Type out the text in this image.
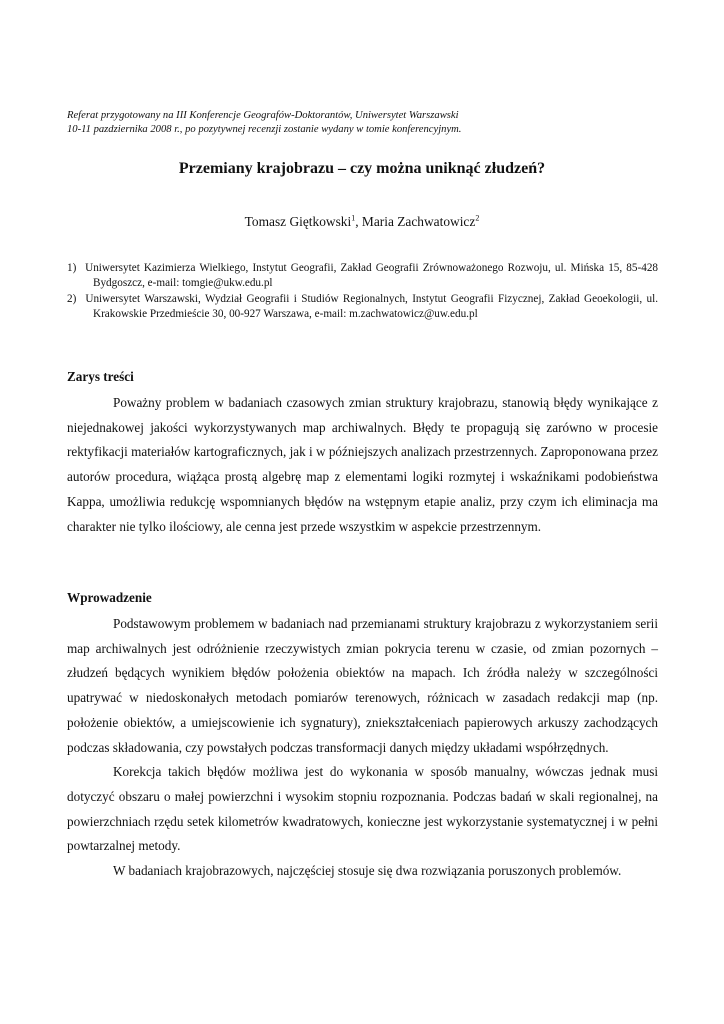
Referat przygotowany na III Konferencje Geografów-Doktorantów, Uniwersytet Warszawski
10-11 pazdziernika 2008 r., po pozytywnej recenzji zostanie wydany w tomie konferencyjnym.
Przemiany krajobrazu – czy można uniknąć złudzeń?
Tomasz Giętkowski$^1$, Maria Zachwatowicz$^2$

1) Uniwersytet Kazimierza Wielkiego, Instytut Geografii, Zakład Geografii Zrównoważonego Rozwoju, ul. Mińska 15, 85-428 Bydgoszcz, e-mail: tomgie@ukw.edu.pl

2) Uniwersytet Warszawski, Wydział Geografii i Studiów Regionalnych, Instytut Geografii Fizycznej, Zakład Geoekologii, ul. Krakowskie Przedmieście 30, 00-927 Warszawa, e-mail: m.zachwatowicz@uw.edu.pl

Zarys treści

Poważny problem w badaniach czasowych zmian struktury krajobrazu, stanowią błędy wynikające z niejednakowej jakości wykorzystywanych map archiwalnych. Błędy te propagują się zarówno w procesie rektyfikacji materiałów kartograficznych, jak i w późniejszych analizach przestrzennych. Zaproponowana przez autorów procedura, wiążąca prostą algebrę map z elementami logiki rozmytej i wskaźnikami podobieństwa Kappa, umożliwia redukcję wspomnianych błędów na wstępnym etapie analiz, przy czym ich eliminacja ma charakter nie tylko ilościowy, ale cenna jest przede wszystkim w aspekcie przestrzennym.

Wprowadzenie

Podstawowym problemem w badaniach nad przemianami struktury krajobrazu z wykorzystaniem serii map archiwalnych jest odróżnienie rzeczywistych zmian pokrycia terenu w czasie, od zmian pozornych – złudzeń będących wynikiem błędów położenia obiektów na mapach. Ich źródła należy w szczególności upatrywać w niedoskonałych metodach pomiarów terenowych, różnicach w zasadach redakcji map (np. położenie obiektów, a umiejscowienie ich sygnatury), zniekształceniach papierowych arkuszy zachodzących podczas składowania, czy powstałych podczas transformacji danych między układami współrzędnych.

Korekcja takich błędów możliwa jest do wykonania w sposób manualny, wówczas jednak musi dotyczyć obszaru o małej powierzchni i wysokim stopniu rozpoznania. Podczas badań w skali regionalnej, na powierzchniach rzędu setek kilometrów kwadratowych, konieczne jest wykorzystanie systematycznej i w pełni powtarzalnej metody.

W badaniach krajobrazowych, najczęściej stosuje się dwa rozwiązania poruszonych problemów.
